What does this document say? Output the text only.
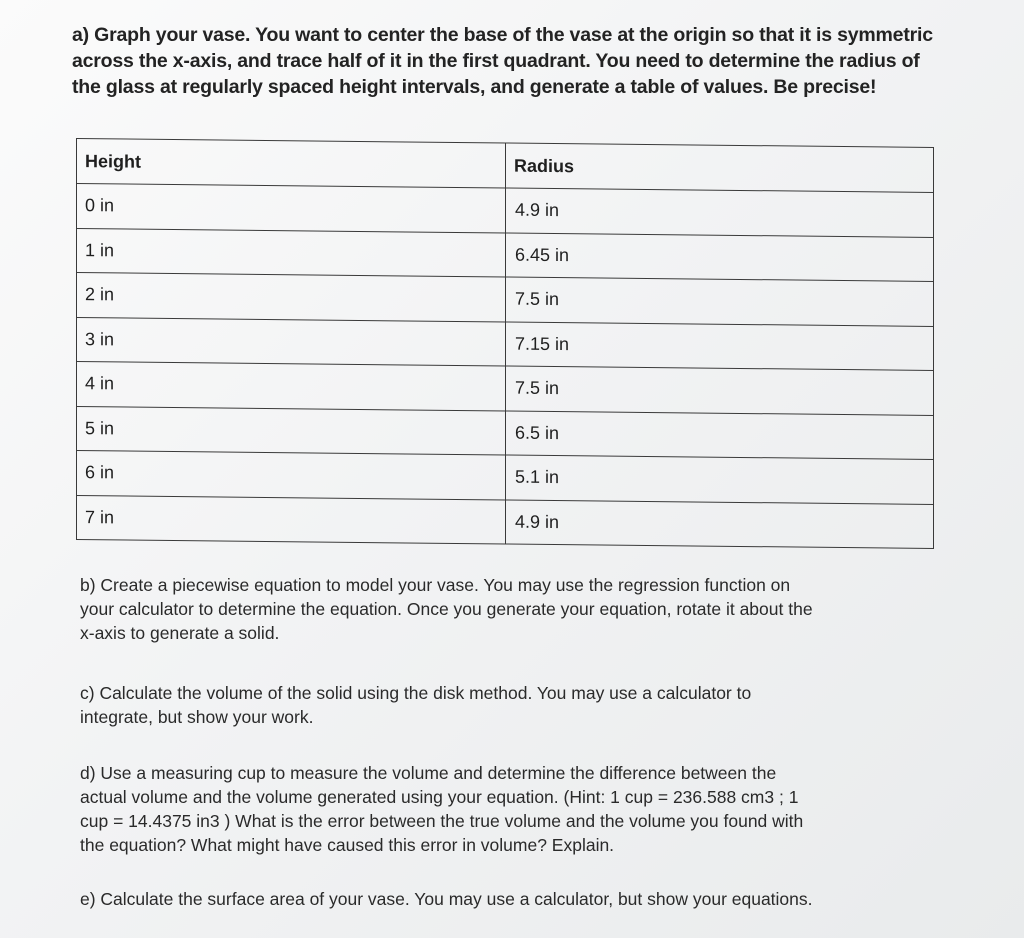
a) Graph your vase. You want to center the base of the vase at the origin so that it is symmetric
across the x-axis, and trace half of it in the first quadrant. You need to determine the radius of
the glass at regularly spaced height intervals, and generate a table of values. Be precise!
Height	Radius
0 in	4.9 in
1 in	6.45 in
2 in	7.5 in
3 in	7.15 in
4 in	7.5 in
5 in	6.5 in
6 in	5.1 in
7 in	4.9 in
b) Create a piecewise equation to model your vase. You may use the regression function on
your calculator to determine the equation. Once you generate your equation, rotate it about the
x-axis to generate a solid.
c) Calculate the volume of the solid using the disk method. You may use a calculator to
integrate, but show your work.
d) Use a measuring cup to measure the volume and determine the difference between the
actual volume and the volume generated using your equation. (Hint: 1 cup = 236.588 cm3 ; 1
cup = 14.4375 in3 ) What is the error between the true volume and the volume you found with
the equation? What might have caused this error in volume? Explain.
e) Calculate the surface area of your vase. You may use a calculator, but show your equations.
